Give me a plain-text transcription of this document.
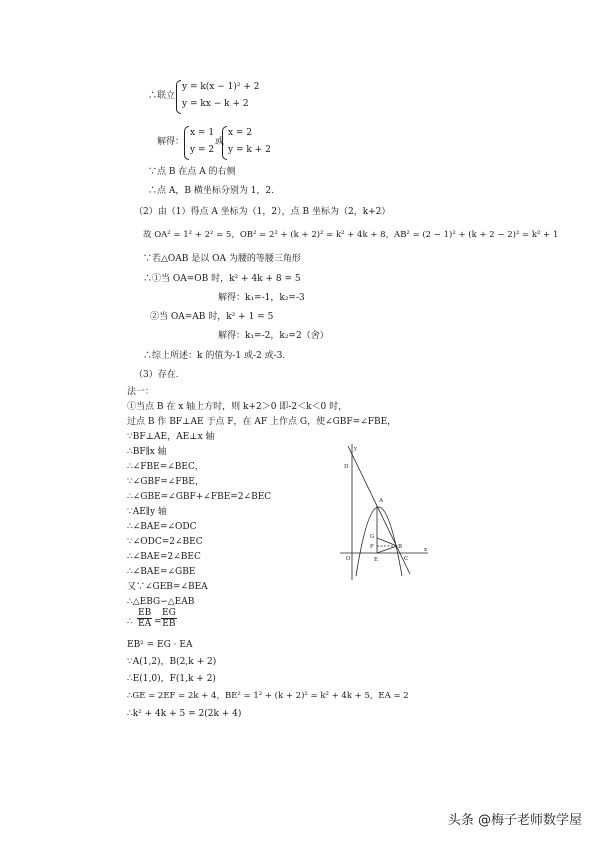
∴联立
y = k(x − 1)² + 2
y = kx − k + 2
解得：
x = 1
y = 2
或
x = 2
y = k + 2
∵点 B 在点 A 的右侧
∴点 A，B 横坐标分别为 1，2.
（2）由（1）得点 A 坐标为（1，2），点 B 坐标为（2，k+2）
故 OA² = 1² + 2² = 5，OB² = 2² + (k + 2)² = k² + 4k + 8，AB² = (2 − 1)² + (k + 2 − 2)² = k² + 1
∵若△OAB 是以 OA 为腰的等腰三角形
∴①当 OA=OB 时，k² + 4k + 8 = 5
解得：k₁=-1，k₂=-3
②当 OA=AB 时，k² + 1 = 5
解得：k₁=-2，k₂=2（舍）
∴综上所述：k 的值为-1 或-2 或-3.
（3）存在.
法一：
①当点 B 在 x 轴上方时，则 k+2＞0 即-2＜k＜0 时，
过点 B 作 BF⊥AE 于点 F，在 AF 上作点 G，使∠GBF=∠FBE，
∵BF⊥AE，AE⊥x 轴
∴BF∥x 轴
∴∠FBE=∠BEC，
∵∠GBF=∠FBE，
∴∠GBE=∠GBF+∠FBE=2∠BEC
∵AE∥y 轴
∴∠BAE=∠ODC
∵∠ODC=2∠BEC
∴∠BAE=2∠BEC
∴∠BAE=∠GBE
又∵∠GEB=∠BEA
∴△EBG∽△EAB
∴ $\frac{EB}{EA} = \frac{EG}{EB}$
EB² = EG · EA
∵A(1,2)，B(2,k + 2)
∴E(1,0)，F(1,k + 2)
∴GE = 2EF = 2k + 4，BE² = 1² + (k + 2)² = k² + 4k + 5，EA = 2
∴k² + 4k + 5 = 2(2k + 4)
y
x
D
A
G
F	B
O	E	C
头条 @梅子老师数学屋
